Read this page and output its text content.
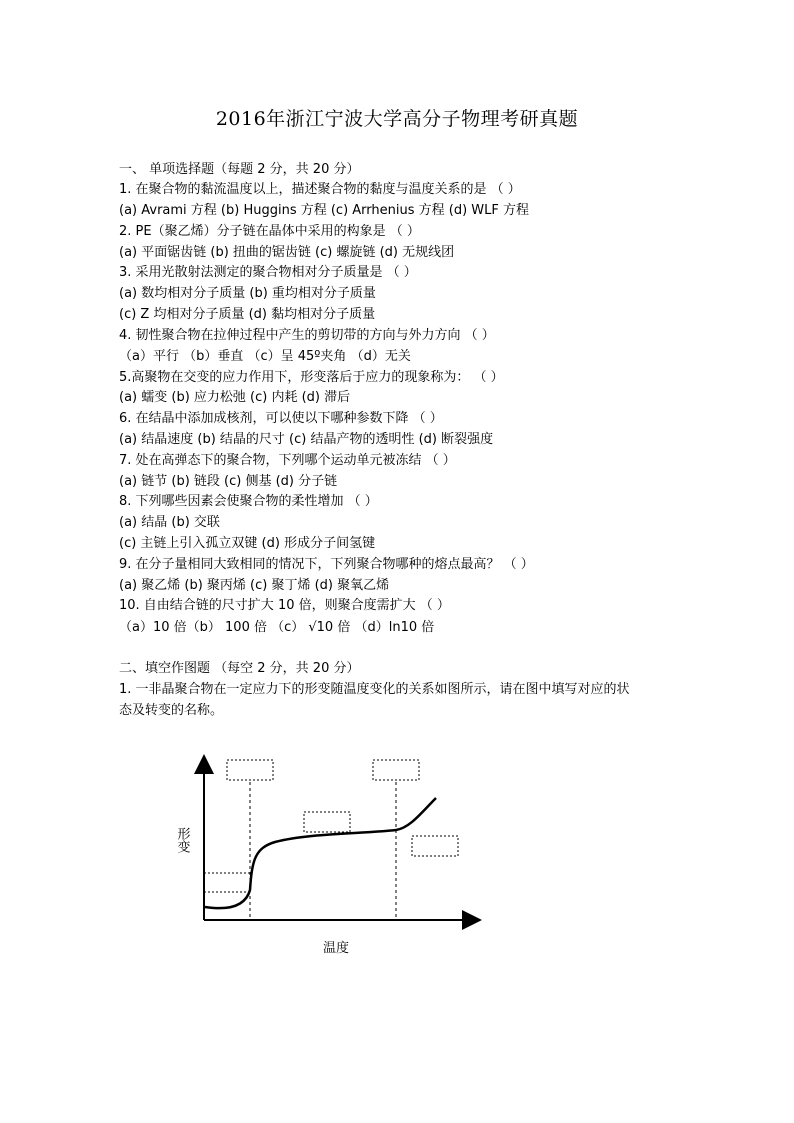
2016年浙江宁波大学高分子物理考研真题
一、 单项选择题（每题 2 分，共 20 分）
1. 在聚合物的黏流温度以上，描述聚合物的黏度与温度关系的是 （ ）
(a) Avrami 方程 (b) Huggins 方程 (c) Arrhenius 方程 (d) WLF 方程
2. PE（聚乙烯）分子链在晶体中采用的构象是 （ ）
(a) 平面锯齿链 (b) 扭曲的锯齿链 (c) 螺旋链 (d) 无规线团
3. 采用光散射法测定的聚合物相对分子质量是 （ ）
(a) 数均相对分子质量 (b) 重均相对分子质量
(c) Z 均相对分子质量 (d) 黏均相对分子质量
4. 韧性聚合物在拉伸过程中产生的剪切带的方向与外力方向 （ ）
（a）平行 （b）垂直 （c）呈 45º夹角 （d）无关
5.高聚物在交变的应力作用下，形变落后于应力的现象称为： （ ）
(a) 蠕变 (b) 应力松弛 (c) 内耗 (d) 滞后
6. 在结晶中添加成核剂，可以使以下哪种参数下降 （ ）
(a) 结晶速度 (b) 结晶的尺寸 (c) 结晶产物的透明性 (d) 断裂强度
7. 处在高弹态下的聚合物，下列哪个运动单元被冻结 （ ）
(a) 链节 (b) 链段 (c) 侧基 (d) 分子链
8. 下列哪些因素会使聚合物的柔性增加 （ ）
(a) 结晶 (b) 交联
(c) 主链上引入孤立双键 (d) 形成分子间氢键
9. 在分子量相同大致相同的情况下，下列聚合物哪种的熔点最高？ （ ）
(a) 聚乙烯 (b) 聚丙烯 (c) 聚丁烯 (d) 聚氧乙烯
10. 自由结合链的尺寸扩大 10 倍，则聚合度需扩大 （ ）
（a）10 倍（b） 100 倍 （c） √10 倍 （d）ln10 倍
二、填空作图题 （每空 2 分，共 20 分）
1. 一非晶聚合物在一定应力下的形变随温度变化的关系如图所示，请在图中填写对应的状
态及转变的名称。
形变
温度
